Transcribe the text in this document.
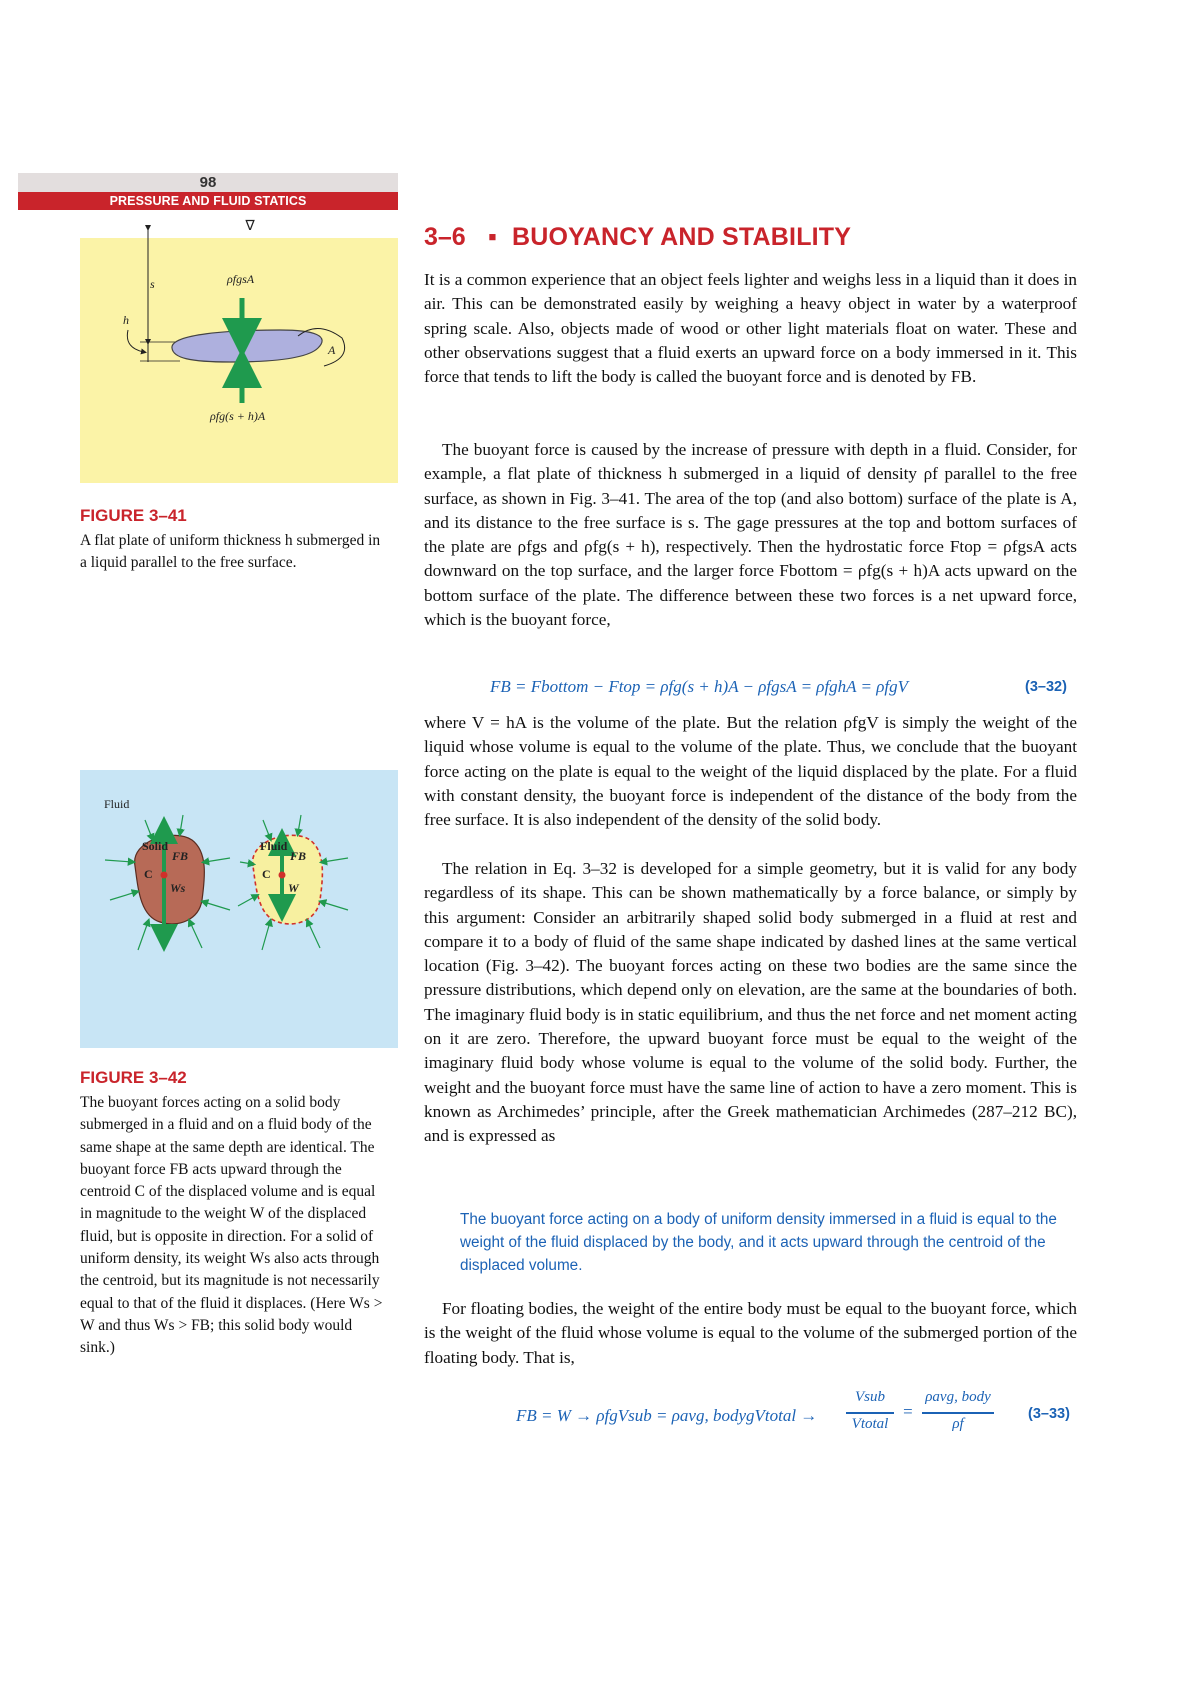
98
PRESSURE AND FLUID STATICS
∇
s
h
A
ρfgsA
ρfg(s + h)A
FIGURE 3–41
A flat plate of uniform thickness h submerged in a liquid parallel to the free surface.
Fluid
Solid	Fluid
C	C
FB
Ws
FB
W
FIGURE 3–42
The buoyant forces acting on a solid body submerged in a fluid and on a fluid body of the same shape at the same depth are identical. The buoyant force FB acts upward through the centroid C of the displaced volume and is equal in magnitude to the weight W of the displaced fluid, but is opposite in direction. For a solid of uniform density, its weight Ws also acts through the centroid, but its magnitude is not necessarily equal to that of the fluid it displaces. (Here Ws > W and thus Ws > FB; this solid body would sink.)
3–6 ▪ BUOYANCY AND STABILITY
It is a common experience that an object feels lighter and weighs less in a liquid than it does in air. This can be demonstrated easily by weighing a heavy object in water by a waterproof spring scale. Also, objects made of wood or other light materials float on water. These and other observations suggest that a fluid exerts an upward force on a body immersed in it. This force that tends to lift the body is called the buoyant force and is denoted by FB.
The buoyant force is caused by the increase of pressure with depth in a fluid. Consider, for example, a flat plate of thickness h submerged in a liquid of density ρf parallel to the free surface, as shown in Fig. 3–41. The area of the top (and also bottom) surface of the plate is A, and its distance to the free surface is s. The gage pressures at the top and bottom surfaces of the plate are ρfgs and ρfg(s + h), respectively. Then the hydrostatic force Ftop = ρfgsA acts downward on the top surface, and the larger force Fbottom = ρfg(s + h)A acts upward on the bottom surface of the plate. The difference between these two forces is a net upward force, which is the buoyant force,
FB = Fbottom − Ftop = ρfg(s + h)A − ρfgsA = ρfghA = ρfgV	(3–32)
where V = hA is the volume of the plate. But the relation ρfgV is simply the weight of the liquid whose volume is equal to the volume of the plate. Thus, we conclude that the buoyant force acting on the plate is equal to the weight of the liquid displaced by the plate. For a fluid with constant density, the buoyant force is independent of the distance of the body from the free surface. It is also independent of the density of the solid body.
The relation in Eq. 3–32 is developed for a simple geometry, but it is valid for any body regardless of its shape. This can be shown mathematically by a force balance, or simply by this argument: Consider an arbitrarily shaped solid body submerged in a fluid at rest and compare it to a body of fluid of the same shape indicated by dashed lines at the same vertical location (Fig. 3–42). The buoyant forces acting on these two bodies are the same since the pressure distributions, which depend only on elevation, are the same at the boundaries of both. The imaginary fluid body is in static equilibrium, and thus the net force and net moment acting on it are zero. Therefore, the upward buoyant force must be equal to the weight of the imaginary fluid body whose volume is equal to the volume of the solid body. Further, the weight and the buoyant force must have the same line of action to have a zero moment. This is known as Archimedes’ principle, after the Greek mathematician Archimedes (287–212 BC), and is expressed as
The buoyant force acting on a body of uniform density immersed in a fluid is equal to the weight of the fluid displaced by the body, and it acts upward through the centroid of the displaced volume.
For floating bodies, the weight of the entire body must be equal to the buoyant force, which is the weight of the fluid whose volume is equal to the volume of the submerged portion of the floating body. That is,
FB = W → ρfgVsub = ρavg, bodygVtotal →
Vsub
Vtotal
=
ρavg, body
ρf
(3–33)
